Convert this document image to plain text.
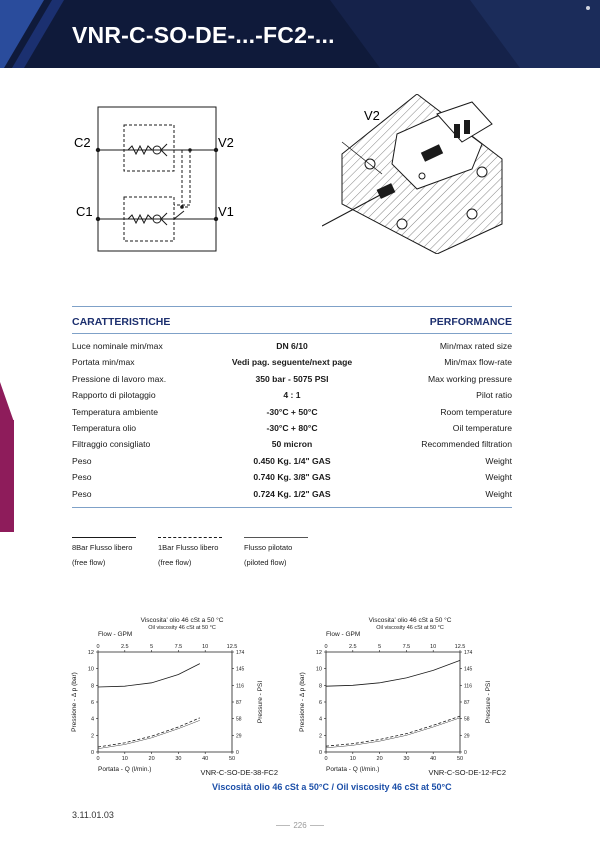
VNR-C-SO-DE-...-FC2-...
C2	V2
C1	V1
V2
CARATTERISTICHE	PERFORMANCE
Luce nominale min/max	DN 6/10	Min/max rated size
Portata min/max	Vedi pag. seguente/next page	Min/max flow-rate
Pressione di lavoro max.	350 bar - 5075 PSI	Max working pressure
Rapporto di pilotaggio	4 : 1	Pilot ratio
Temperatura ambiente	-30°C + 50°C	Room temperature
Temperatura olio	-30°C + 80°C	Oil temperature
Filtraggio consigliato	50 micron	Recommended filtration
Peso	0.450 Kg. 1/4" GAS	Weight
Peso	0.740 Kg. 3/8" GAS	Weight
Peso	0.724 Kg. 1/2" GAS	Weight
8Bar Flusso libero
(free flow)
1Bar Flusso libero
(free flow)
Flusso pilotato
(piloted flow)
Viscosita' olio 46 cSt a 50 °C
Oil viscosity 46 cSt at 50 °C
Flow - GPM
0
2
4
6
8
10
12
0
29
58
87
116
145
174
0	10	20	30	40	50
0	2.5	5	7.5	10	12.5
Pressione - Δ p (bar)	Pressure - PSI
Portata - Q (l/min.)	VNR-C-SO-DE-38-FC2
Viscosita' olio 46 cSt a 50 °C
Oil viscosity 46 cSt at 50 °C
Flow - GPM
0
2
4
6
8
10
12
0
29
58
87
116
145
174
0	10	20	30	40	50
0	2.5	5	7.5	10	12.5
Pressione - Δ p (bar)	Pressure - PSI
Portata - Q (l/min.)	VNR-C-SO-DE-12-FC2
Viscosità olio 46 cSt a 50°C / Oil viscosity 46 cSt at 50°C
3.11.01.03
226
